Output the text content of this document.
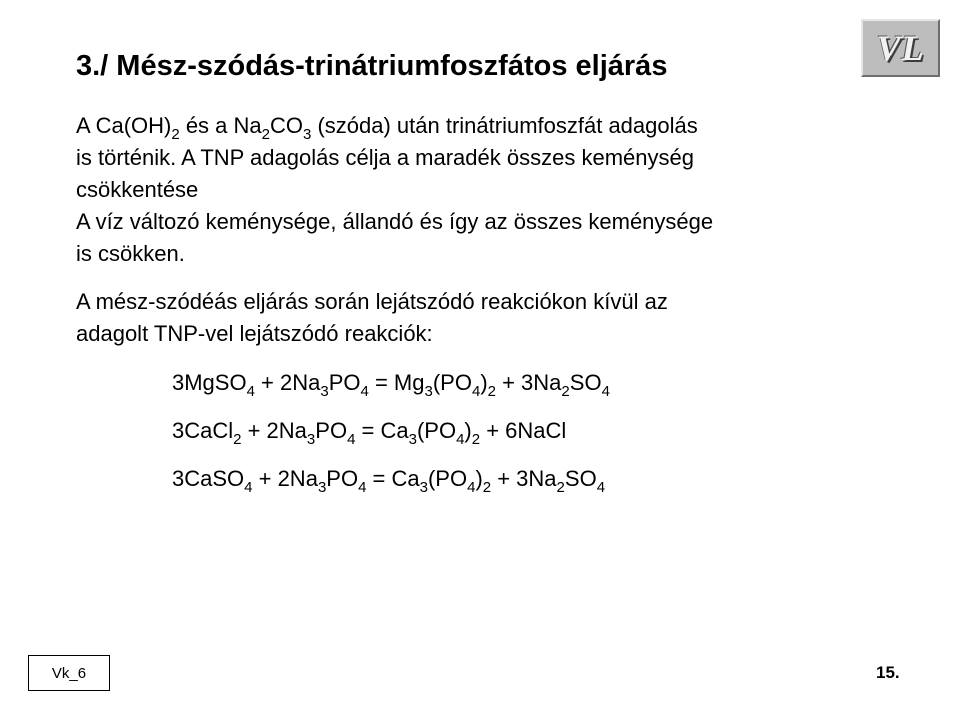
3./ Mész-szódás-trinátriumfoszfátos eljárás	VL

A $Ca(OH)_2$ és a $Na_2CO_3$ (szóda) után trinátriumfoszfát adagolás
is történik. A TNP adagolás célja a maradék összes keménység
csökkentése
A víz változó keménysége, állandó és így az összes keménysége
is csökken.

A mész-szódéás eljárás során lejátszódó reakciókon kívül az
adagolt TNP-vel lejátszódó reakciók:

3MgSO$_4$ + $2Na_3PO_4 = Mg_3(PO_4)_2 + 3Na_2SO_4$
3CaCl$_2$ + $2Na_3PO_4 = Ca_3(PO_4)_2$ + 6NaCl
3CaSO$_4$ + $2Na_3PO_4 = Ca_3(PO_4)_2 + 3Na_2SO_4$
Vk_6	15.
